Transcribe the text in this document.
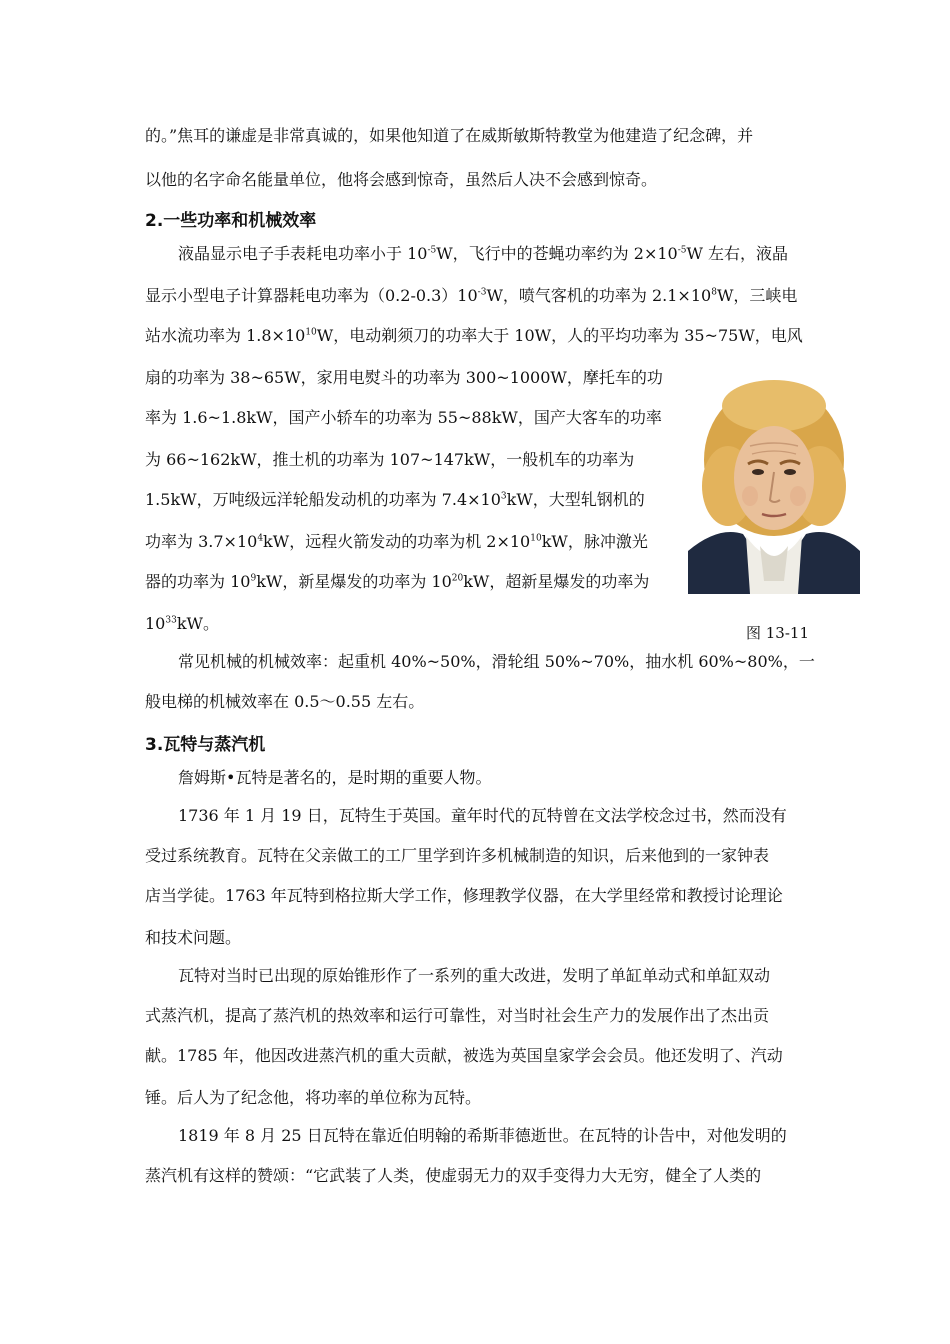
的。”焦耳的谦虚是非常真诚的，如果他知道了在威斯敏斯特教堂为他建造了纪念碑，并
以他的名字命名能量单位，他将会感到惊奇，虽然后人决不会感到惊奇。
2.一些功率和机械效率
液晶显示电子手表耗电功率小于 $10^{-5}W$，飞行中的苍蝇功率约为 $2\times 10^{-5}W$ 左右，液晶
显示小型电子计算器耗电功率为$(0.2-0.3)10^{-3}W$，喷气客机的功率为 $2.1\times 10^8W$，三峡电
站水流功率为 $1.8\times 10^{10}W$，电动剃须刀的功率大于 10W，人的平均功率为 35~75W，电风
扇的功率为 38~65W，家用电熨斗的功率为 300~1000W，摩托车的功
率为 1.6~1.8kW，国产小轿车的功率为 55~88kW，国产大客车的功率
为 66~162kW，推土机的功率为 107~147kW，一般机车的功率为
1.5kW，万吨级远洋轮船发动机的功率为 $7.4\times 10^3kW$，大型轧钢机的
功率为 $3.7\times 10^4kW$，远程火箭发动的功率为机 $2\times 10^{10}kW$，脉冲激光
器的功率为 $10^9kW$，新星爆发的功率为 $10^{20}kW$，超新星爆发的功率为
$10^{33}kW$。	图 13-11
常见机械的机械效率：起重机 40%~50%，滑轮组 50%~70%，抽水机 60%~80%，一
般电梯的机械效率在 0.5～0.55 左右。
3.瓦特与蒸汽机
詹姆斯•瓦特是著名的，是时期的重要人物。
1736 年 1 月 19 日，瓦特生于英国。童年时代的瓦特曾在文法学校念过书，然而没有
受过系统教育。瓦特在父亲做工的工厂里学到许多机械制造的知识，后来他到的一家钟表
店当学徒。1763 年瓦特到格拉斯大学工作，修理教学仪器，在大学里经常和教授讨论理论
和技术问题。
瓦特对当时已出现的原始锥形作了一系列的重大改进，发明了单缸单动式和单缸双动
式蒸汽机，提高了蒸汽机的热效率和运行可靠性，对当时社会生产力的发展作出了杰出贡
献。1785 年，他因改进蒸汽机的重大贡献，被选为英国皇家学会会员。他还发明了、汽动
锤。后人为了纪念他，将功率的单位称为瓦特。
1819 年 8 月 25 日瓦特在靠近伯明翰的希斯菲德逝世。在瓦特的讣告中，对他发明的
蒸汽机有这样的赞颂：“它武装了人类，使虚弱无力的双手变得力大无穷，健全了人类的
